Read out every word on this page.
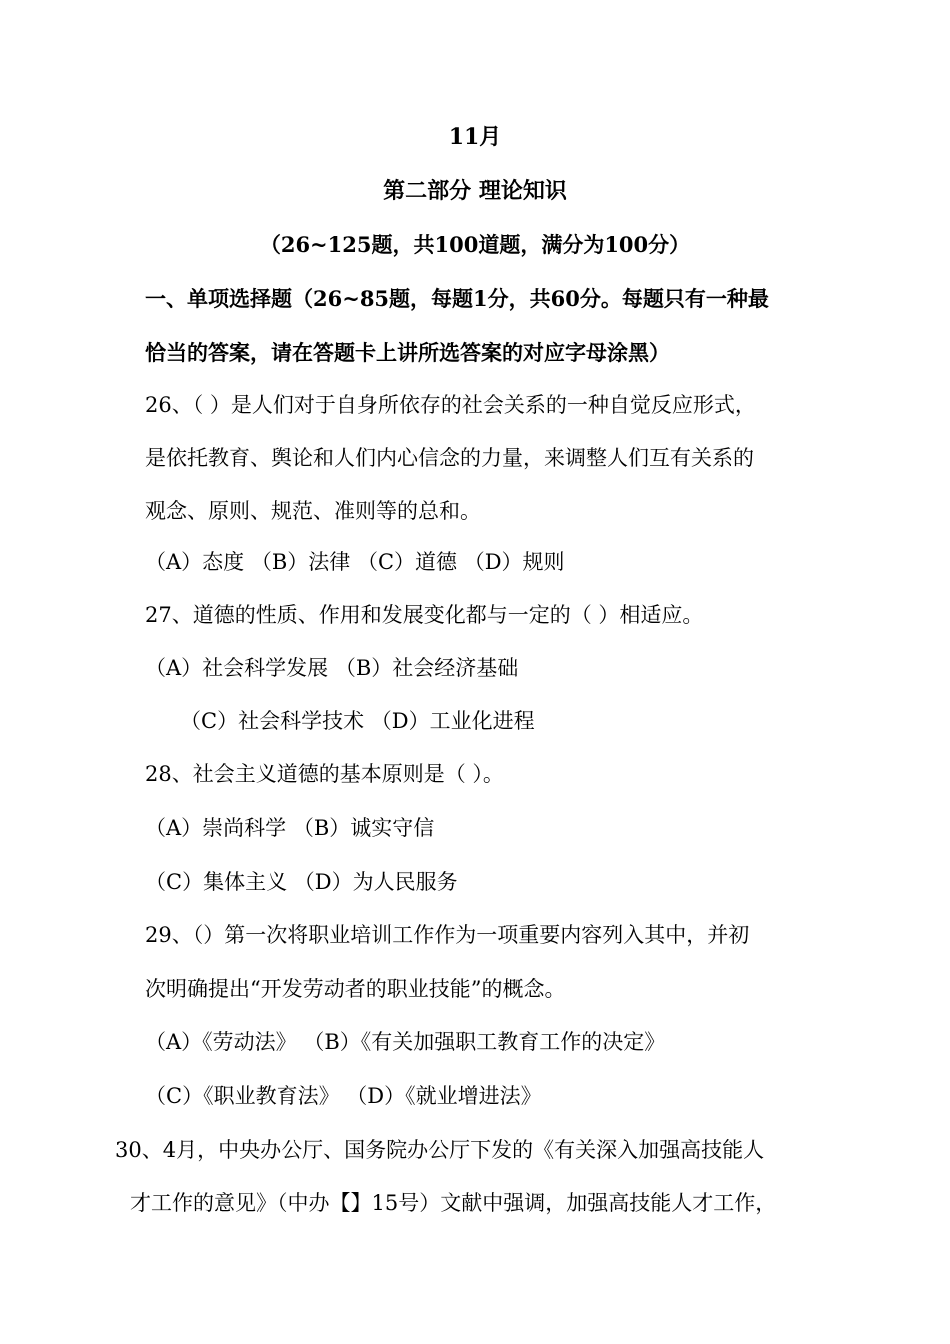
11月
第二部分 理论知识
（26~125题，共100道题，满分为100分）
一、单项选择题（26~85题，每题1分，共60分。每题只有一种最
恰当的答案，请在答题卡上讲所选答案的对应字母涂黑）
26、（ ）是人们对于自身所依存的社会关系的一种自觉反应形式，
是依托教育、舆论和人们内心信念的力量，来调整人们互有关系的
观念、原则、规范、准则等的总和。
（A）态度 （B）法律 （C）道德 （D）规则
27、道德的性质、作用和发展变化都与一定的（ ）相适应。
（A）社会科学发展 （B）社会经济基础
（C）社会科学技术 （D）工业化进程
28、社会主义道德的基本原则是（ ）。
（A）崇尚科学 （B）诚实守信
（C）集体主义 （D）为人民服务
29、（）第一次将职业培训工作作为一项重要内容列入其中，并初
次明确提出“开发劳动者的职业技能”的概念。
（A）《劳动法》 （B）《有关加强职工教育工作的决定》
（C）《职业教育法》 （D）《就业增进法》
30、4月，中央办公厅、国务院办公厅下发的《有关深入加强高技能人
才工作的意见》（中办【】15号）文献中强调，加强高技能人才工作，
